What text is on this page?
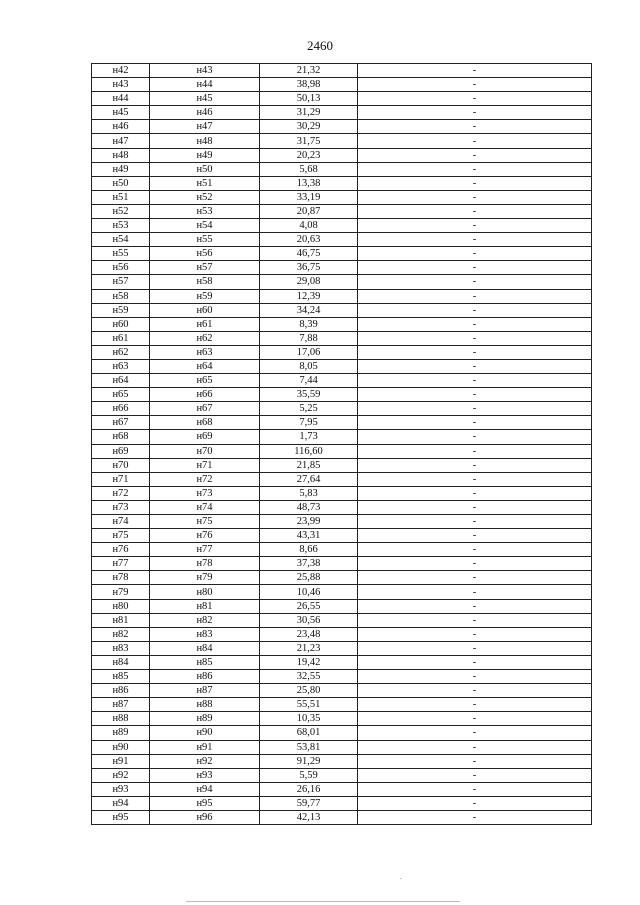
2460
н42	н43	21,32	-
н43	н44	38,98	-
н44	н45	50,13	-
н45	н46	31,29	-
н46	н47	30,29	-
н47	н48	31,75	-
н48	н49	20,23	-
н49	н50	5,68	-
н50	н51	13,38	-
н51	н52	33,19	-
н52	н53	20,87	-
н53	н54	4,08	-
н54	н55	20,63	-
н55	н56	46,75	-
н56	н57	36,75	-
н57	н58	29,08	-
н58	н59	12,39	-
н59	н60	34,24	-
н60	н61	8,39	-
н61	н62	7,88	-
н62	н63	17,06	-
н63	н64	8,05	-
н64	н65	7,44	-
н65	н66	35,59	-
н66	н67	5,25	-
н67	н68	7,95	-
н68	н69	1,73	-
н69	н70	116,60	-
н70	н71	21,85	-
н71	н72	27,64	-
н72	н73	5,83	-
н73	н74	48,73	-
н74	н75	23,99	-
н75	н76	43,31	-
н76	н77	8,66	-
н77	н78	37,38	-
н78	н79	25,88	-
н79	н80	10,46	-
н80	н81	26,55	-
н81	н82	30,56	-
н82	н83	23,48	-
н83	н84	21,23	-
н84	н85	19,42	-
н85	н86	32,55	-
н86	н87	25,80	-
н87	н88	55,51	-
н88	н89	10,35	-
н89	н90	68,01	-
н90	н91	53,81	-
н91	н92	91,29	-
н92	н93	5,59	-
н93	н94	26,16	-
н94	н95	59,77	-
н95	н96	42,13	-
